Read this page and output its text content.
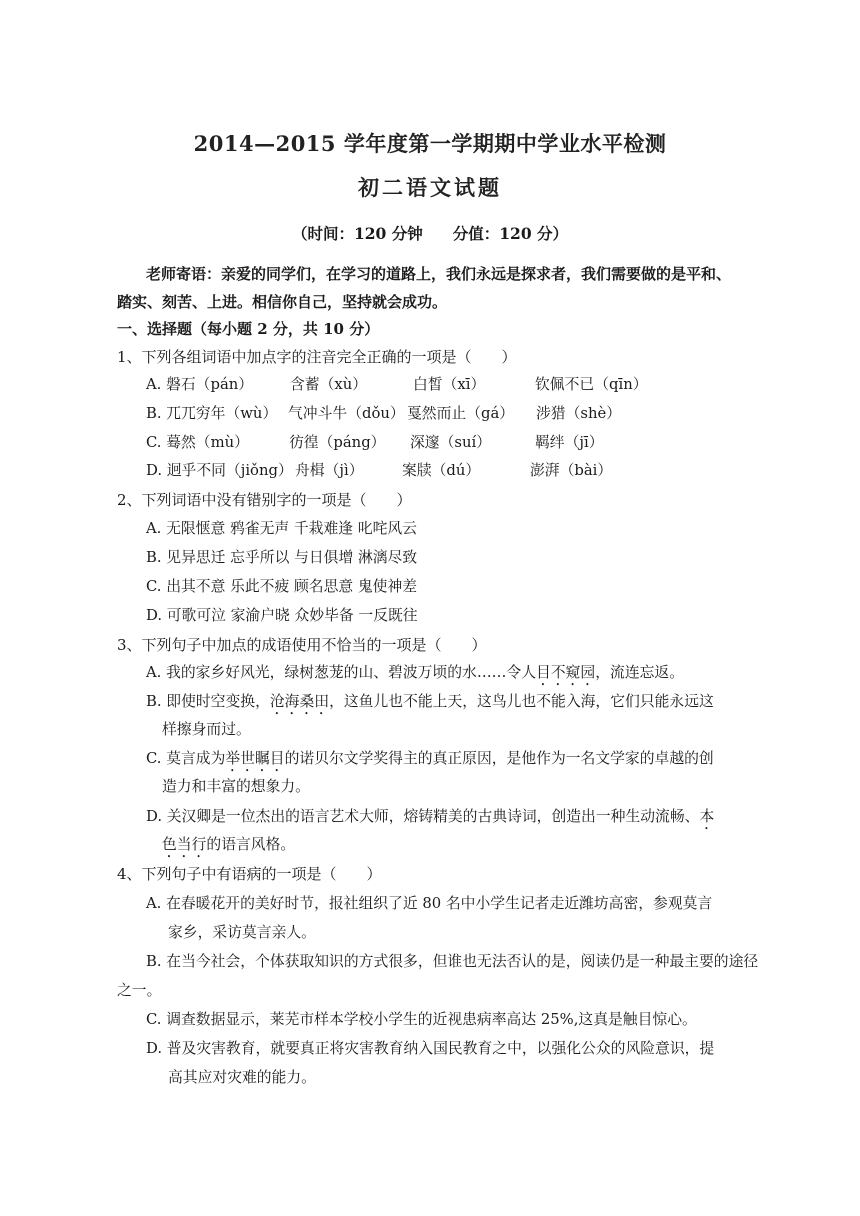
2014—2015 学年度第一学期期中学业水平检测
初二语文试题
（时间：120 分钟 分值：120 分）
老师寄语：亲爱的同学们，在学习的道路上，我们永远是探求者，我们需要做的是平和、
踏实、刻苦、上进。相信你自己，坚持就会成功。
一、选择题（每小题 2 分，共 10 分）
1、下列各组词语中加点字的注音完全正确的一项是（　　）
A. 磐石（pán） 含蓄（xù）	白皙（xī）	钦佩不已（qīn）
B. 兀兀穷年（wù） 气冲斗牛（dǒu） 戛然而止（gá） 涉猎（shè）
C. 蓦然（mù）	彷徨（páng） 深邃（suí）	羁绊（jī）
D. 迥乎不同（jiǒng） 舟楫（jì）	案牍（dú）	澎湃（bài）
2、下列词语中没有错别字的一项是（　　）
A. 无限惬意 鸦雀无声 千栽难逢 叱咤风云
B. 见异思迁 忘乎所以 与日俱增 淋漓尽致
C. 出其不意 乐此不疲 顾名思意 鬼使神差
D. 可歌可泣 家渝户晓 众妙毕备 一反既往
3、下列句子中加点的成语使用不恰当的一项是（　　）
A. 我的家乡好风光，绿树葱茏的山、碧波万顷的水……令人目不窥园，流连忘返。
B. 即使时空变换，沧海桑田，这鱼儿也不能上天，这鸟儿也不能入海，它们只能永远这
样擦身而过。
C. 莫言成为举世瞩目的诺贝尔文学奖得主的真正原因，是他作为一名文学家的卓越的创
造力和丰富的想象力。
D. 关汉卿是一位杰出的语言艺术大师，熔铸精美的古典诗词，创造出一种生动流畅、本
色当行的语言风格。
4、下列句子中有语病的一项是（　　）
A. 在春暖花开的美好时节，报社组织了近 80 名中小学生记者走近潍坊高密，参观莫言
家乡，采访莫言亲人。
B. 在当今社会，个体获取知识的方式很多，但谁也无法否认的是，阅读仍是一种最主要的途径
之一。
C. 调查数据显示，莱芜市样本学校小学生的近视患病率高达 25%,这真是触目惊心。
D. 普及灾害教育，就要真正将灾害教育纳入国民教育之中，以强化公众的风险意识，提
高其应对灾难的能力。
